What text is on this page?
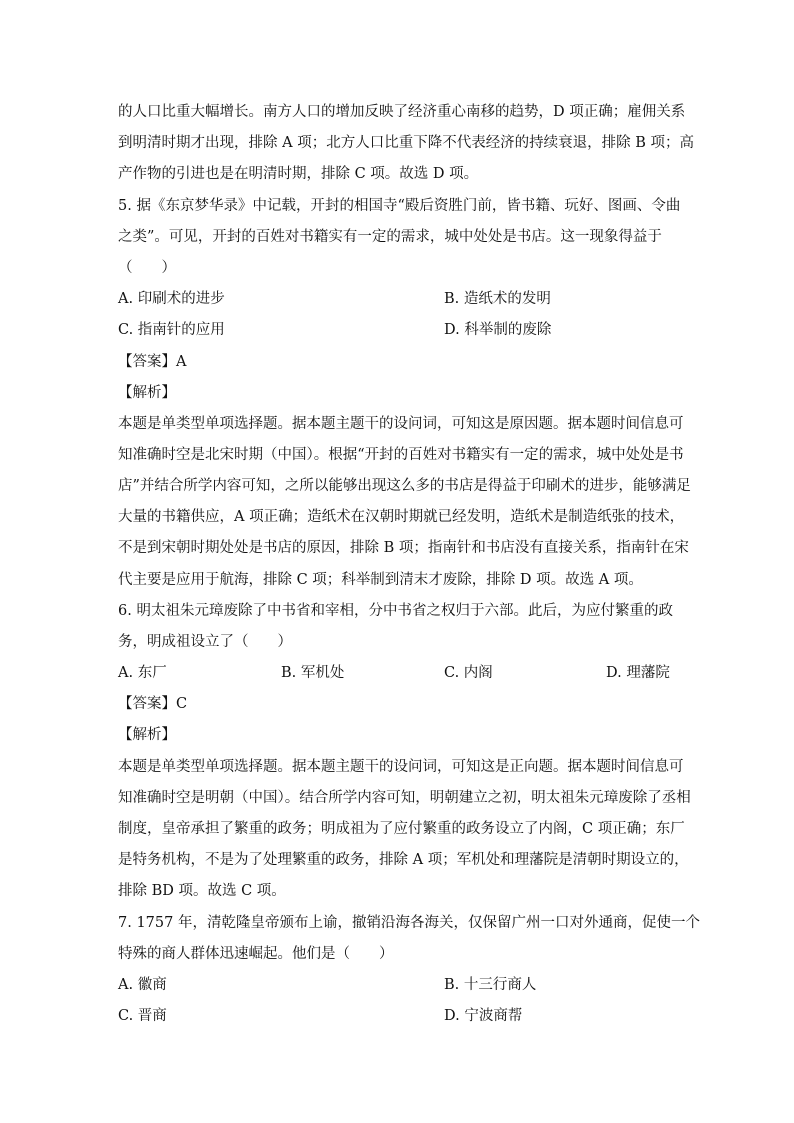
的人口比重大幅增长。南方人口的增加反映了经济重心南移的趋势，D 项正确；雇佣关系
到明清时期才出现，排除 A 项；北方人口比重下降不代表经济的持续衰退，排除 B 项；高
产作物的引进也是在明清时期，排除 C 项。故选 D 项。
5. 据《东京梦华录》中记载，开封的相国寺“殿后资胜门前，皆书籍、玩好、图画、令曲
之类”。可见，开封的百姓对书籍实有一定的需求，城中处处是书店。这一现象得益于
（　　）
A. 印刷术的进步	B. 造纸术的发明
C. 指南针的应用	D. 科举制的废除
【答案】A
【解析】
本题是单类型单项选择题。据本题主题干的设问词，可知这是原因题。据本题时间信息可
知准确时空是北宋时期（中国）。根据“开封的百姓对书籍实有一定的需求，城中处处是书
店”并结合所学内容可知，之所以能够出现这么多的书店是得益于印刷术的进步，能够满足
大量的书籍供应，A 项正确；造纸术在汉朝时期就已经发明，造纸术是制造纸张的技术，
不是到宋朝时期处处是书店的原因，排除 B 项；指南针和书店没有直接关系，指南针在宋
代主要是应用于航海，排除 C 项；科举制到清末才废除，排除 D 项。故选 A 项。
6. 明太祖朱元璋废除了中书省和宰相，分中书省之权归于六部。此后，为应付繁重的政
务，明成祖设立了（　　）
A. 东厂	B. 军机处	C. 内阁	D. 理藩院
【答案】C
【解析】
本题是单类型单项选择题。据本题主题干的设问词，可知这是正向题。据本题时间信息可
知准确时空是明朝（中国）。结合所学内容可知，明朝建立之初，明太祖朱元璋废除了丞相
制度，皇帝承担了繁重的政务；明成祖为了应付繁重的政务设立了内阁，C 项正确；东厂
是特务机构，不是为了处理繁重的政务，排除 A 项；军机处和理藩院是清朝时期设立的，
排除 BD 项。故选 C 项。
7. 1757 年，清乾隆皇帝颁布上谕，撤销沿海各海关，仅保留广州一口对外通商，促使一个
特殊的商人群体迅速崛起。他们是（　　）
A. 徽商	B. 十三行商人
C. 晋商	D. 宁波商帮
